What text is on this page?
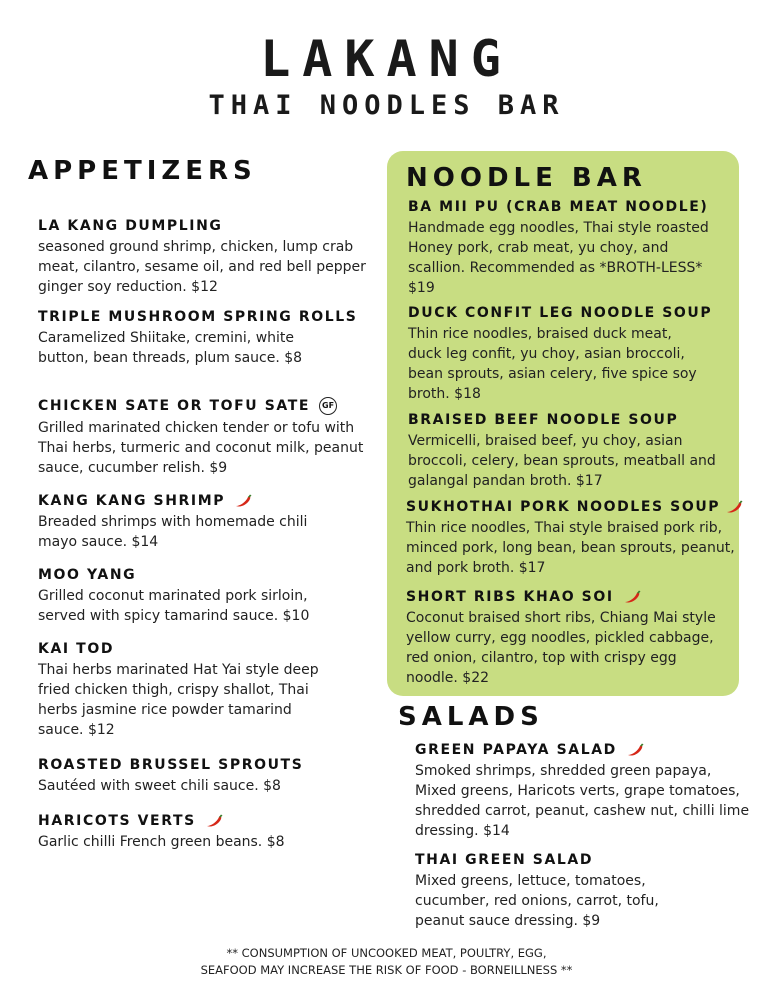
LAKANG
THAI NOODLES BAR
APPETIZERS
LA KANG DUMPLING
seasoned ground shrimp, chicken, lump crab meat, cilantro, sesame oil, and red bell pepper ginger soy reduction. $12
TRIPLE MUSHROOM SPRING ROLLS
Caramelized Shiitake, cremini, white button, bean threads, plum sauce. $8
CHICKEN SATE OR TOFU SATE GF
Grilled marinated chicken tender or tofu with Thai herbs, turmeric and coconut milk, peanut sauce, cucumber relish. $9
KANG KANG SHRIMP
Breaded shrimps with homemade chili mayo sauce. $14
MOO YANG
Grilled coconut marinated pork sirloin, served with spicy tamarind sauce. $10
KAI TOD
Thai herbs marinated Hat Yai style deep fried chicken thigh, crispy shallot, Thai herbs jasmine rice powder tamarind sauce. $12
ROASTED BRUSSEL SPROUTS
Sautéed with sweet chili sauce. $8
HARICOTS VERTS
Garlic chilli French green beans. $8
NOODLE BAR
BA MII PU (CRAB MEAT NOODLE)
Handmade egg noodles, Thai style roasted Honey pork, crab meat, yu choy, and scallion. Recommended as *BROTH-LESS* $19
DUCK CONFIT LEG NOODLE SOUP
Thin rice noodles, braised duck meat, duck leg confit, yu choy, asian broccoli, bean sprouts, asian celery, five spice soy broth. $18
BRAISED BEEF NOODLE SOUP
Vermicelli, braised beef, yu choy, asian broccoli, celery, bean sprouts, meatball and galangal pandan broth. $17
SUKHOTHAI PORK NOODLES SOUP
Thin rice noodles, Thai style braised pork rib, minced pork, long bean, bean sprouts, peanut, and pork broth. $17
SHORT RIBS KHAO SOI
Coconut braised short ribs, Chiang Mai style yellow curry, egg noodles, pickled cabbage, red onion, cilantro, top with crispy egg noodle. $22
SALADS
GREEN PAPAYA SALAD
Smoked shrimps, shredded green papaya, Mixed greens, Haricots verts, grape tomatoes, shredded carrot, peanut, cashew nut, chilli lime dressing. $14
THAI GREEN SALAD
Mixed greens, lettuce, tomatoes, cucumber, red onions, carrot, tofu, peanut sauce dressing. $9
** CONSUMPTION OF UNCOOKED MEAT, POULTRY, EGG,
SEAFOOD MAY INCREASE THE RISK OF FOOD - BORNEILLNESS **
